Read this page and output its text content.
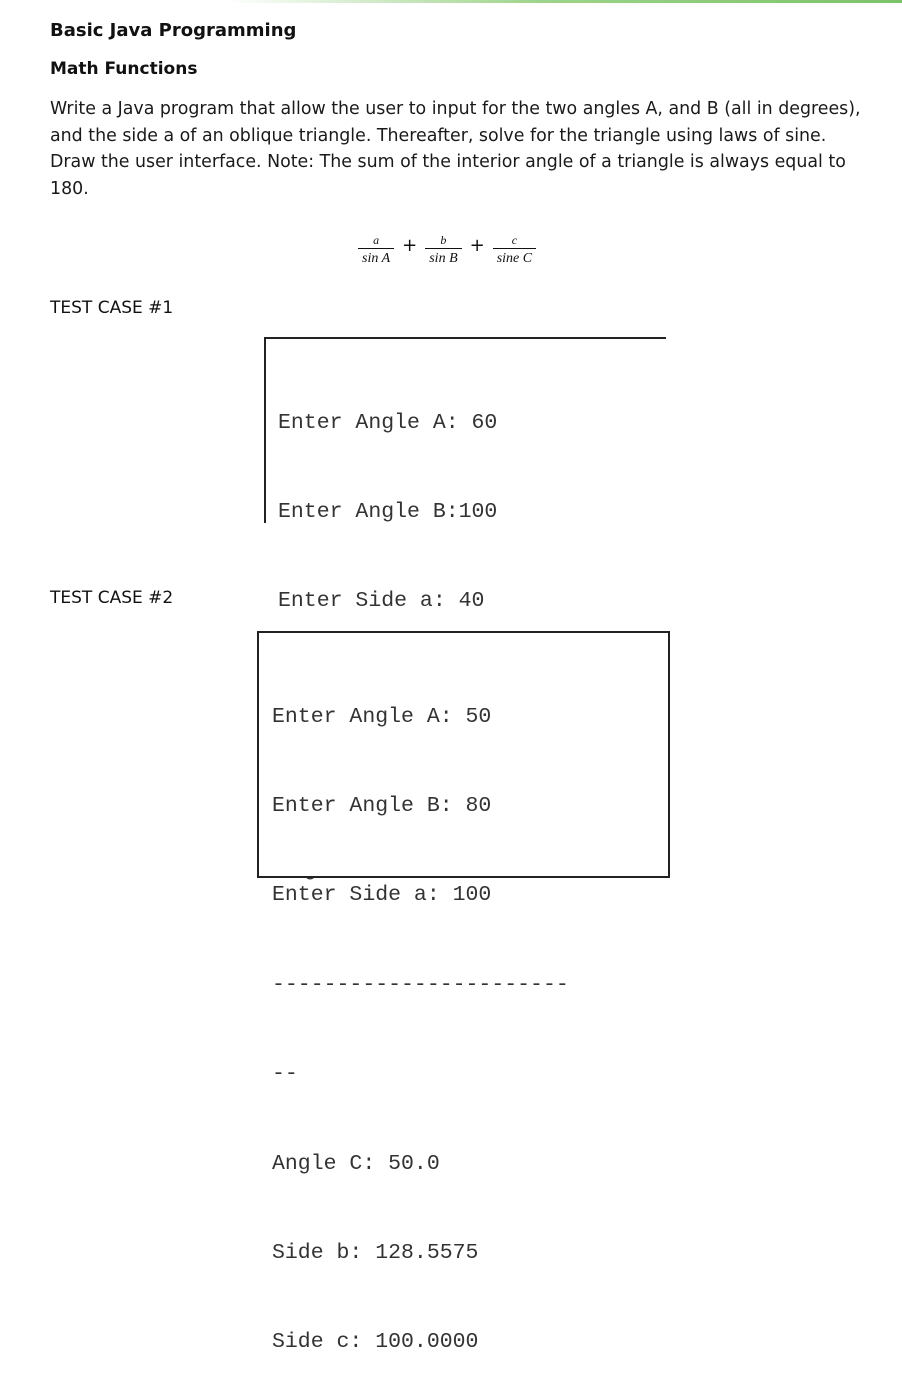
Basic Java Programming
Math Functions
Write a Java program that allow the user to input for the two angles A, and B (all in degrees), and the side a of an oblique triangle. Thereafter, solve for the triangle using laws of sine. Draw the user interface. Note: The sum of the interior angle of a triangle is always equal to 180.
$\frac{a}{\text{sin A}} + \frac{b}{\text{sin B}} + \frac{c}{\text{sine C}}$
TEST CASE #1

Enter Angle A: 60

Enter Angle B:100

Enter Side a: 40

TEST CASE #2

Enter Angle A: 50

Enter Angle B: 80

Enter Side a: 100

-----------------------

--

Angle C: 50.0

Side b: 128.5575

Side c: 100.0000
